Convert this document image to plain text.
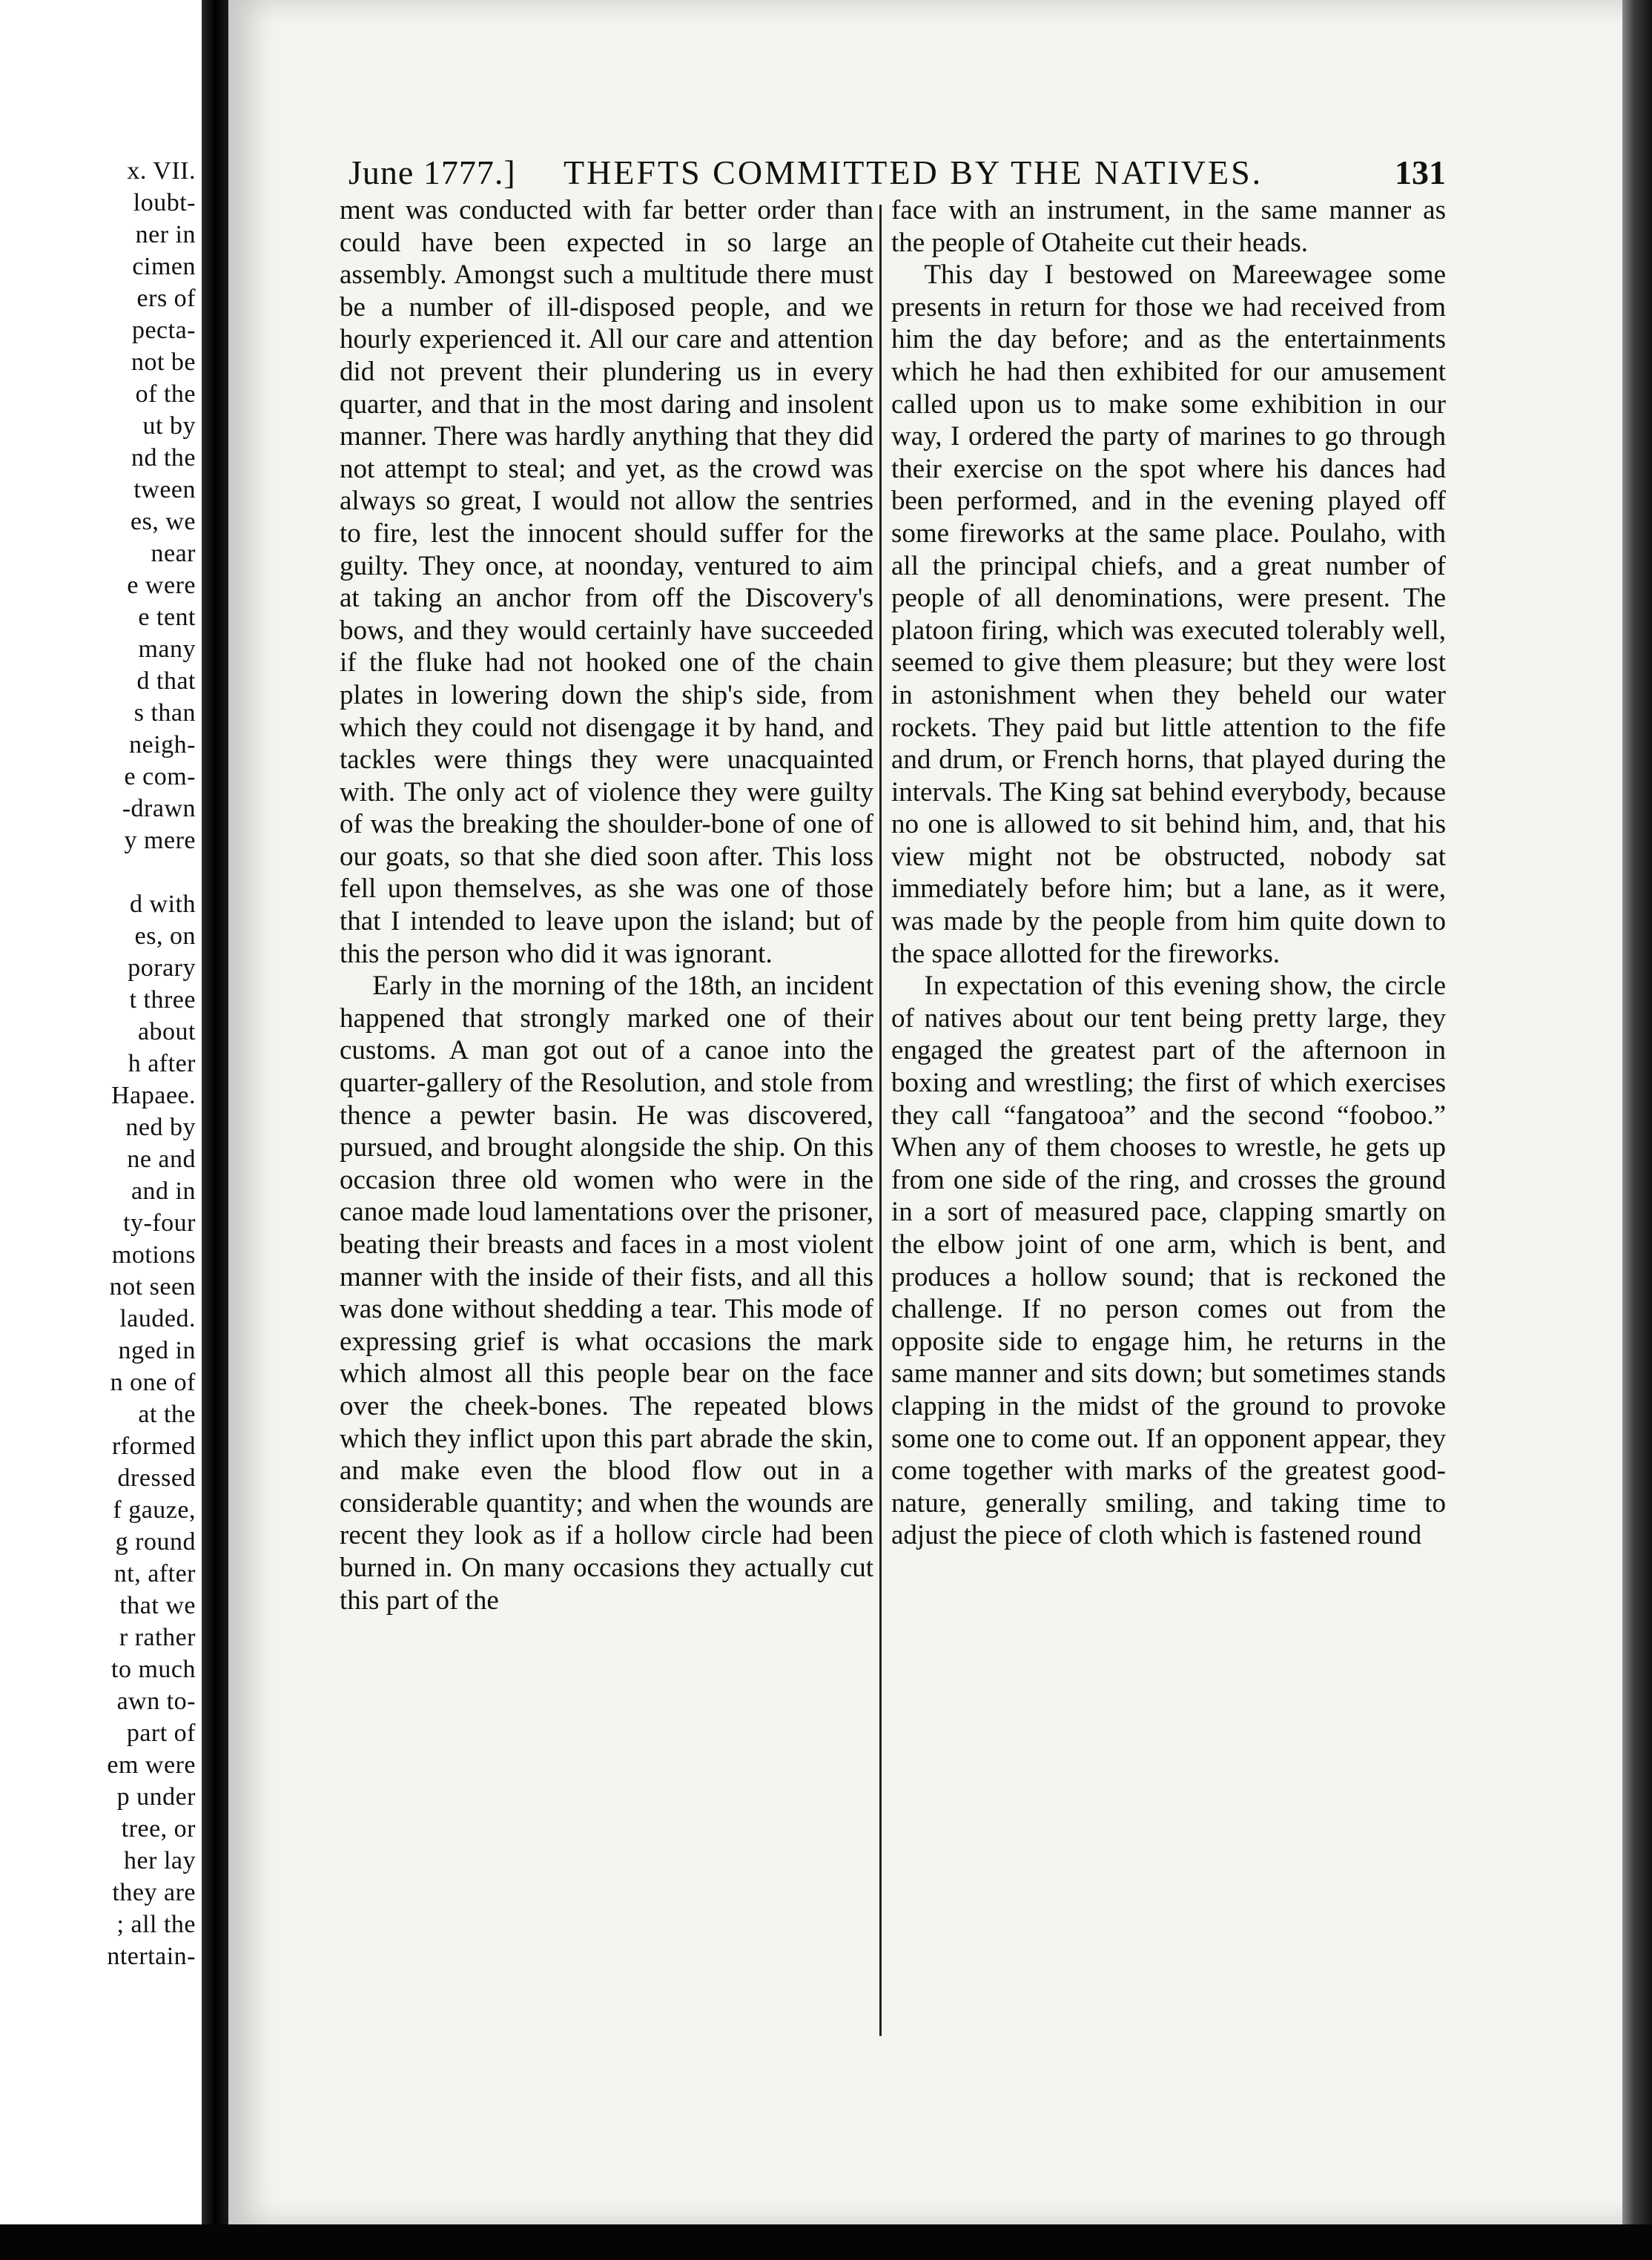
x. VII.
loubt-
ner in
cimen
ers of
pecta-
not be
of the
ut by
nd the
tween
es, we
near
e were
e tent
many
d that
s than
neigh-
e com-
-drawn
y mere
d with
es, on
porary
t three
about
h after
Hapaee.
ned by
ne and
and in
ty-four
motions
not seen
lauded.
nged in
n one of
at the
rformed
dressed
f gauze,
g round
nt, after
that we
r rather
to much
awn to-
part of
em were
p under
tree, or
her lay
they are
; all the
ntertain-
June 1777.] THEFTS COMMITTED BY THE NATIVES.	131

ment was conducted with far better order than could have been expected in so large an assembly. Amongst such a multitude there must be a number of ill-disposed people, and we hourly experienced it. All our care and attention did not prevent their plundering us in every quarter, and that in the most daring and insolent manner. There was hardly anything that they did not attempt to steal; and yet, as the crowd was always so great, I would not allow the sentries to fire, lest the innocent should suffer for the guilty. They once, at noonday, ventured to aim at taking an anchor from off the Discovery's bows, and they would certainly have succeeded if the fluke had not hooked one of the chain plates in lowering down the ship's side, from which they could not disengage it by hand, and tackles were things they were unacquainted with. The only act of violence they were guilty of was the breaking the shoulder-bone of one of our goats, so that she died soon after. This loss fell upon themselves, as she was one of those that I intended to leave upon the island; but of this the person who did it was ignorant.

Early in the morning of the 18th, an incident happened that strongly marked one of their customs. A man got out of a canoe into the quarter-gallery of the Resolution, and stole from thence a pewter basin. He was discovered, pursued, and brought alongside the ship. On this occasion three old women who were in the canoe made loud lamentations over the prisoner, beating their breasts and faces in a most violent manner with the inside of their fists, and all this was done without shedding a tear. This mode of expressing grief is what occasions the mark which almost all this people bear on the face over the cheek-bones. The repeated blows which they inflict upon this part abrade the skin, and make even the blood flow out in a considerable quantity; and when the wounds are recent they look as if a hollow circle had been burned in. On many occasions they actually cut this part of the

face with an instrument, in the same manner as the people of Otaheite cut their heads.

This day I bestowed on Mareewagee some presents in return for those we had received from him the day before; and as the entertainments which he had then exhibited for our amusement called upon us to make some exhibition in our way, I ordered the party of marines to go through their exercise on the spot where his dances had been performed, and in the evening played off some fireworks at the same place. Poulaho, with all the principal chiefs, and a great number of people of all denominations, were present. The platoon firing, which was executed tolerably well, seemed to give them pleasure; but they were lost in astonishment when they beheld our water rockets. They paid but little attention to the fife and drum, or French horns, that played during the intervals. The King sat behind everybody, because no one is allowed to sit behind him, and, that his view might not be obstructed, nobody sat immediately before him; but a lane, as it were, was made by the people from him quite down to the space allotted for the fireworks.

In expectation of this evening show, the circle of natives about our tent being pretty large, they engaged the greatest part of the afternoon in boxing and wrestling; the first of which exercises they call “fangatooa” and the second “fooboo.” When any of them chooses to wrestle, he gets up from one side of the ring, and crosses the ground in a sort of measured pace, clapping smartly on the elbow joint of one arm, which is bent, and produces a hollow sound; that is reckoned the challenge. If no person comes out from the opposite side to engage him, he returns in the same manner and sits down; but sometimes stands clapping in the midst of the ground to provoke some one to come out. If an opponent appear, they come together with marks of the greatest good-nature, generally smiling, and taking time to adjust the piece of cloth which is fastened round
